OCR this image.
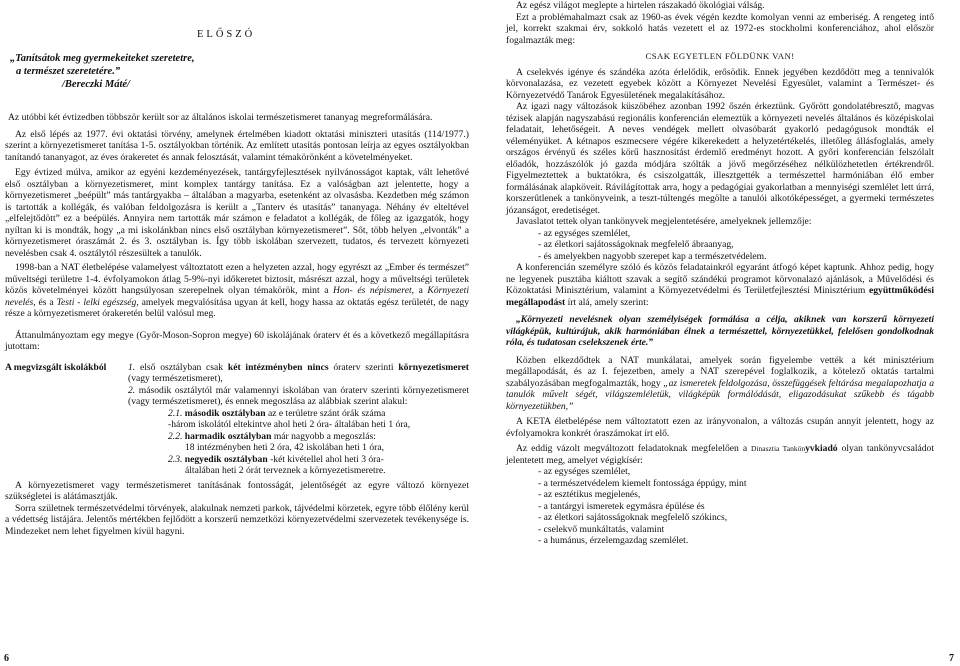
ELŐSZÓ
„Tanítsátok meg gyermekeiteket szeretetre,
a természet szeretetére.”
/Bereczki Máté/

Az utóbbi két évtizedben többször került sor az általános iskolai természetismeret tananyag megreformálására.

Az első lépés az 1977. évi oktatási törvény, amelynek értelmében kiadott oktatási miniszteri utasítás (114/1977.) szerint a környezetismeret tanítása 1-5. osztályokban történik. Az említett utasítás pontosan leírja az egyes osztályokban tanítandó tananyagot, az éves órakeretet és annak felosztását, valamint témakörönként a követelményeket.

Egy évtized múlva, amikor az egyéni kezdeményezések, tantárgyfejlesztések nyilvánosságot kaptak, vált lehetővé első osztályban a környezetismeret, mint komplex tantárgy tanítása. Ez a valóságban azt jelentette, hogy a környezetismeret „beépült” más tantárgyakba – általában a magyarba, esetenként az olvasásba. Kezdetben még számon is tartották a kollégák, és valóban feldolgozásra is került a „Tanterv és utasítás” tananyaga. Néhány év elteltével „elfelejtődött” ez a beépülés. Annyira nem tartották már számon e feladatot a kollégák, de főleg az igazgatók, hogy nyíltan ki is mondták, hogy „a mi iskolánkban nincs első osztályban környezetismeret”. Sőt, több helyen „elvonták” a környezetismeret óraszámát 2. és 3. osztályban is. Így több iskolában szervezett, tudatos, és tervezett környezeti nevelésben csak 4. osztálytól részesültek a tanulók.

1998-ban a NAT életbelépése valamelyest változtatott ezen a helyzeten azzal, hogy egyrészt az „Ember és természet” műveltségi területre 1-4. évfolyamokon átlag 5-9%-nyi időkeretet biztosít, másrészt azzal, hogy a műveltségi területek közös követelményei között hangsúlyosan szerepelnek olyan témakörök, mint a Hon- és népismeret, a Környezeti nevelés, és a Testi - lelki egészség, amelyek megvalósítása ugyan át kell, hogy hassa az oktatás egész területét, de nagy része a környezetismeret órakeretén belül valósul meg.

Áttanulmányoztam egy megye (Győr-Moson-Sopron megye) 60 iskolájának óraterv ét és a következő megállapításra jutottam:

A megvizsgált iskolákból 1. első osztályban csak két intézményben nincs óraterv szerinti környezetismeret (vagy természetismeret),

2. második osztálytól már valamennyi iskolában van óraterv szerinti környezetismeret (vagy természetismeret), és ennek megoszlása az alábbiak szerint alakul:

2.1. második osztályban az e területre szánt órák száma

-három iskolától eltekintve ahol heti 2 óra- általában heti 1 óra,

2.2. harmadik osztályban már nagyobb a megoszlás:

18 intézményben heti 2 óra, 42 iskolában heti 1 óra,

2.3. negyedik osztályban -két kivétellel ahol heti 3 óra-

általában heti 2 órát terveznek a környezetismeretre.

A környezetismeret vagy természetismeret tanításának fontosságát, jelentőségét az egyre változó környezet szükségletei is alátámasztják.

Sorra születnek természetvédelmi törvények, alakulnak nemzeti parkok, tájvédelmi körzetek, egyre több élőlény kerül a védettség listájára. Jelentős mértékben fejlődött a korszerű nemzetközi környezetvédelmi szervezetek tevékenysége is. Mindezeket nem lehet figyelmen kívül hagyni.

6

Az egész világot meglepte a hirtelen rászakadó ökológiai válság.

Ezt a problémahalmazt csak az 1960-as évek végén kezdte komolyan venni az emberiség. A rengeteg intő jel, korrekt szakmai érv, sokkoló hatás vezetett el az 1972-es stockholmi konferenciához, ahol először fogalmazták meg:

CSAK EGYETLEN FÖLDÜNK VAN!

A cselekvés igénye és szándéka azóta érlelődik, erősödik. Ennek jegyében kezdődött meg a tennivalók körvonalazása, ez vezetett egyebek között a Környezet Nevelési Egyesület, valamint a Természet- és Környezetvédő Tanárok Egyesületének megalakításához.

Az igazi nagy változások küszöbéhez azonban 1992 őszén érkeztünk. Győrött gondolatébresztő, magvas tézisek alapján nagyszabású regionális konferencián elemeztük a környezeti nevelés általános és középiskolai feladatait, lehetőségeit. A neves vendégek mellett olvasóbarát gyakorló pedagógusok mondták el véleményüket. A kétnapos eszmecsere végére kikerekedett a helyzetértékelés, illetőleg állásfoglalás, amely országos érvényű és széles körű hasznosítást érdemlő eredményt hozott. A győri konferencián felszólalt előadók, hozzászólók jó gazda módjára szólták a jövő megőrzéséhez nélkülözhetetlen értékrendről. Figyelmeztettek a buktatókra, és csiszolgatták, illesztgették a természettel harmóniában élő ember formálásának alapköveit. Rávilágítottak arra, hogy a pedagógiai gyakorlatban a mennyiségi szemlélet lett úrrá, korszerűtlenek a tankönyveink, a teszt-túltengés megölte a tanulói alkotóképességet, a gyermeki természetes józanságot, eredetiséget.

Javaslatot tettek olyan tankönyvek megjelentetésére, amelyeknek jellemzője:

- az egységes szemlélet,

- az életkori sajátosságoknak megfelelő ábraanyag,

- és amelyekben nagyobb szerepet kap a természetvédelem.

A konferencián személyre szóló és közös feladatainkról egyaránt átfogó képet kaptunk. Ahhoz pedig, hogy ne legyenek pusztába kiáltott szavak a segítő szándékú programot körvonalazó ajánlások, a Művelődési és Közoktatási Minisztérium, valamint a Környezetvédelmi és Területfejlesztési Minisztérium együttműködési megállapodást írt alá, amely szerint:

„Környezeti nevelésnek olyan személyiségek formálása a célja, akiknek van korszerű környezeti világképük, kultúrájuk, akik harmóniában élnek a természettel, környezetükkel, felelősen gondolkodnak róla, és tudatosan cselekszenek érte.”

Közben elkezdődtek a NAT munkálatai, amelyek során figyelembe vették a két minisztérium megállapodását, és az I. fejezetben, amely a NAT szerepével foglalkozik, a kötelező oktatás tartalmi szabályozásában megfogalmazták, hogy „az ismeretek feldolgozása, összefüggések feltárása megalapozhatja a tanulók művelt ségét, világszemléletük, világképük formálódását, eligazodásukat szűkebb és tágabb környezetükben,”

A KETA életbelépése nem változtatott ezen az irányvonalon, a változás csupán annyit jelentett, hogy az évfolyamokra konkrét óraszámokat írt elő.

Az eddig vázolt megváltozott feladatoknak megfelelően a Dinasztia Tankönyvkiadó olyan tankönyvcsaládot jelentetett meg, amelyet végigkísér:

- az egységes szemlélet,

- a természetvédelem kiemelt fontossága éppúgy, mint

- az esztétikus megjelenés,

- a tantárgyi ismeretek egymásra épülése és

- az életkori sajátosságoknak megfelelő szókincs,

- cselekvő munkáltatás, valamint

- a humánus, érzelemgazdag szemlélet.

7
